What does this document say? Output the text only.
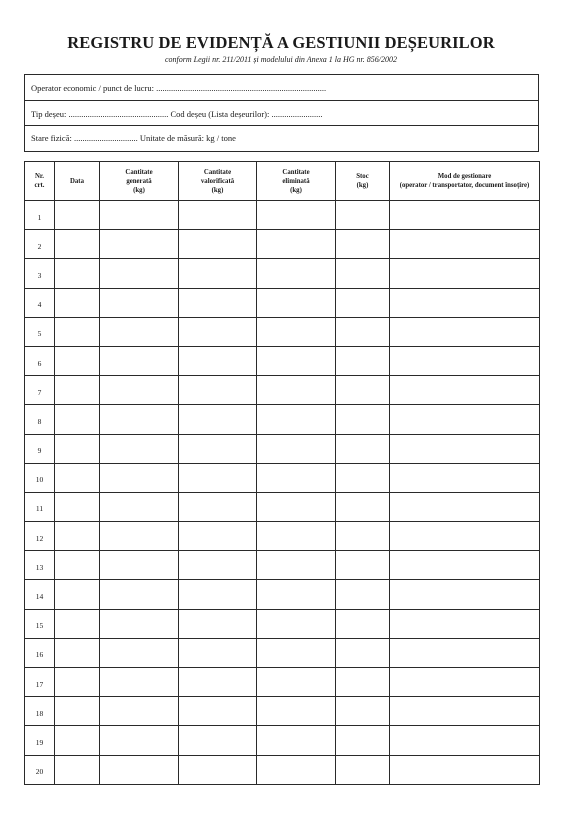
REGISTRU DE EVIDENȚĂ A GESTIUNII DEȘEURILOR
conform Legii nr. 211/2011 și modelului din Anexa 1 la HG nr. 856/2002
Operator economic / punct de lucru: ................................................................................
Tip deșeu: ............................................... Cod deșeu (Lista deșeurilor): ........................
Stare fizică: .............................. Unitate de măsură: kg / tone
Nr.
crt.	Data	Cantitate
generată
(kg)	Cantitate
valorificată
(kg)	Cantitate
eliminată
(kg)	Stoc
(kg)	Mod de gestionare
(operator / transportator, document însoțire)
1						
2						
3						
4						
5						
6						
7						
8						
9						
10						
11						
12						
13						
14						
15						
16						
17						
18						
19						
20						
